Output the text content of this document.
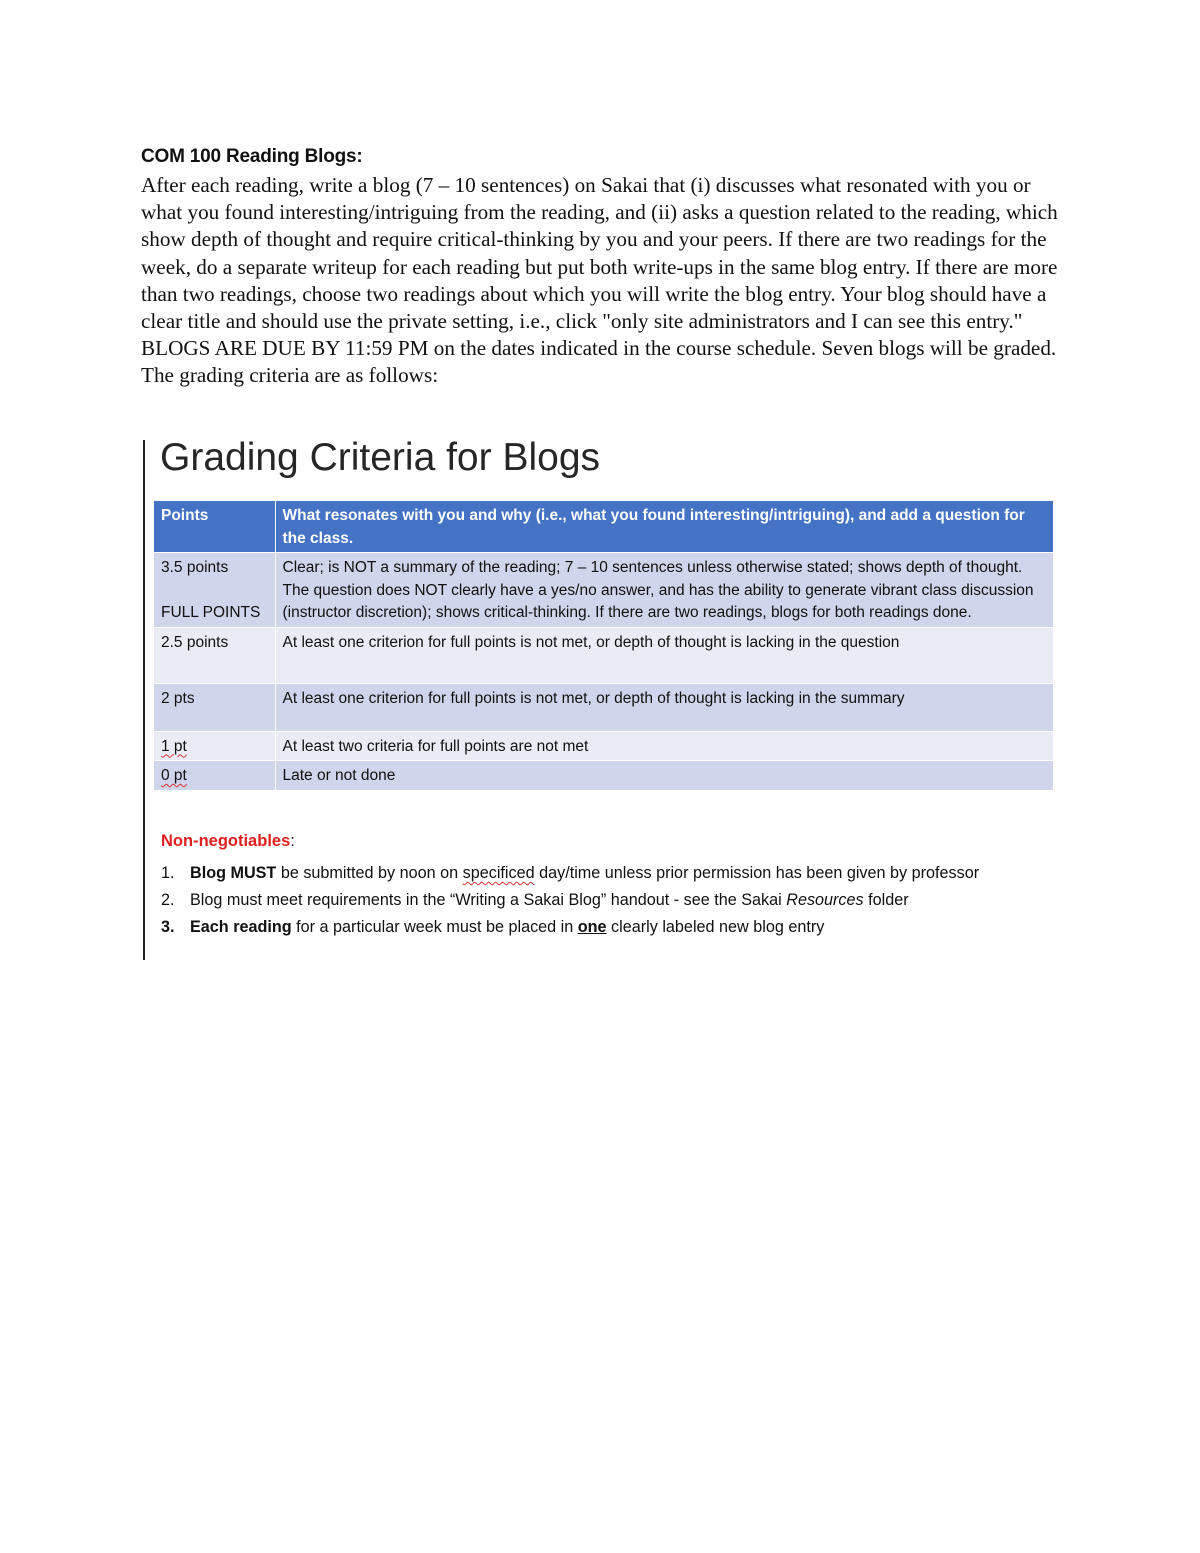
COM 100 Reading Blogs:
After each reading, write a blog (7 – 10 sentences) on Sakai that (i) discusses what resonated with you or what you found interesting/intriguing from the reading, and (ii) asks a question related to the reading, which show depth of thought and require critical-thinking by you and your peers. If there are two readings for the week, do a separate writeup for each reading but put both write-ups in the same blog entry. If there are more than two readings, choose two readings about which you will write the blog entry. Your blog should have a clear title and should use the private setting, i.e., click "only site administrators and I can see this entry." BLOGS ARE DUE BY 11:59 PM on the dates indicated in the course schedule. Seven blogs will be graded. The grading criteria are as follows:
Grading Criteria for Blogs
Points	What resonates with you and why (i.e., what you found interesting/intriguing), and add a question for the class.

3.5 points
FULL POINTS	Clear; is NOT a summary of the reading; 7 – 10 sentences unless otherwise stated; shows depth of thought. The question does NOT clearly have a yes/no answer, and has the ability to generate vibrant class discussion (instructor discretion); shows critical-thinking. If there are two readings, blogs for both readings done.
2.5 points	At least one criterion for full points is not met, or depth of thought is lacking in the question
2 pts	At least one criterion for full points is not met, or depth of thought is lacking in the summary
1 pt	At least two criteria for full points are not met
0 pt	Late or not done
Non-negotiables:
1. Blog MUST be submitted by noon on specificed day/time unless prior permission has been given by professor
2. Blog must meet requirements in the “Writing a Sakai Blog” handout - see the Sakai Resources folder
3. Each reading for a particular week must be placed in one clearly labeled new blog entry
